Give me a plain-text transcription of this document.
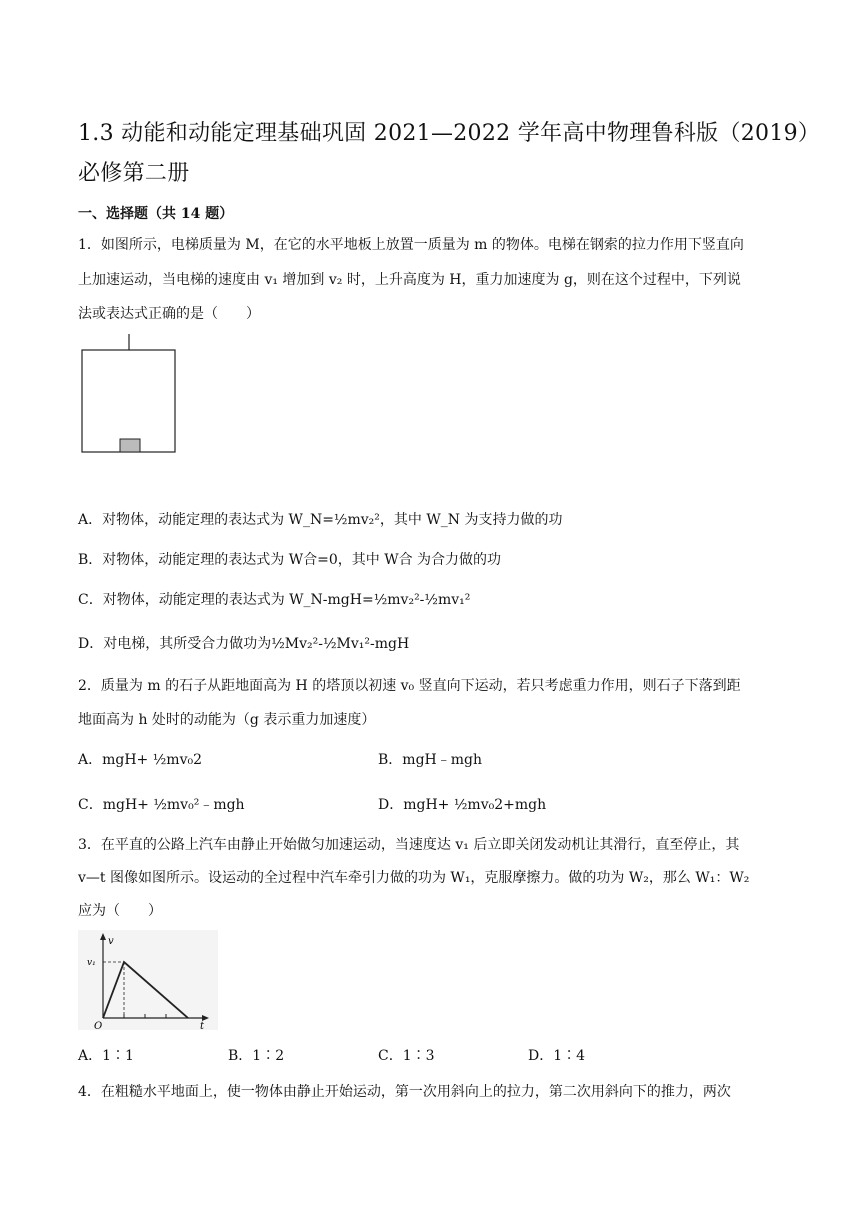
1.3 动能和动能定理基础巩固 2021—2022 学年高中物理鲁科版（2019）
必修第二册
一、选择题（共 14 题）
1．如图所示，电梯质量为 M，在它的水平地板上放置一质量为 m 的物体。电梯在钢索的拉力作用下竖直向
上加速运动，当电梯的速度由 v₁ 增加到 v₂ 时，上升高度为 H，重力加速度为 g，则在这个过程中，下列说
法或表达式正确的是（　　）
A．对物体，动能定理的表达式为 W_N=½mv₂²，其中 W_N 为支持力做的功
B．对物体，动能定理的表达式为 W合=0，其中 W合 为合力做的功
C．对物体，动能定理的表达式为 W_N-mgH=½mv₂²-½mv₁²
D．对电梯，其所受合力做功为½Mv₂²-½Mv₁²-mgH
2．质量为 m 的石子从距地面高为 H 的塔顶以初速 v₀ 竖直向下运动，若只考虑重力作用，则石子下落到距
地面高为 h 处时的动能为（g 表示重力加速度）
A．mgH+ ½mv₀2	B．mgH﹣mgh
C．mgH+ ½mv₀²﹣mgh	D．mgH+ ½mv₀2+mgh
3．在平直的公路上汽车由静止开始做匀加速运动，当速度达 v₁ 后立即关闭发动机让其滑行，直至停止，其
v—t 图像如图所示。设运动的全过程中汽车牵引力做的功为 W₁，克服摩擦力。做的功为 W₂，那么 W₁：W₂
应为（　　）
v
t
O
v₁
A．1∶1	B．1∶2	C．1∶3	D．1∶4
4．在粗糙水平地面上，使一物体由静止开始运动，第一次用斜向上的拉力，第二次用斜向下的推力，两次
